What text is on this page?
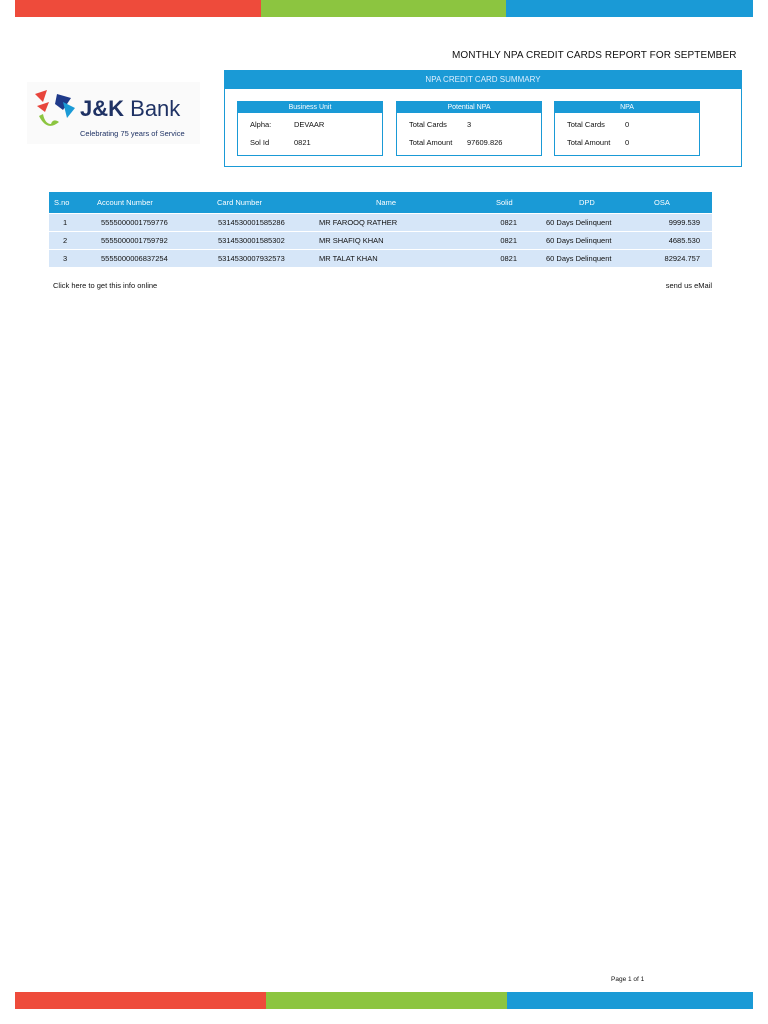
MONTHLY NPA CREDIT CARDS REPORT FOR SEPTEMBER
J&K Bank
Celebrating 75 years of Service
NPA CREDIT CARD SUMMARY
Business Unit
Alpha:	DEVAAR
Sol Id	0821
Potential NPA
Total Cards	3
Total Amount 97609.826
NPA
Total Cards	0
Total Amount 0
S.no	Account Number	Card Number	Name	Solid	DPD	OSA
1	5555000001759776	5314530001585286	MR FAROOQ RATHER	0821	60 Days Delinquent	9999.539
2	5555000001759792	5314530001585302	MR SHAFIQ KHAN	0821	60 Days Delinquent	4685.530
3	5555000006837254	5314530007932573	MR TALAT KHAN	0821	60 Days Delinquent	82924.757
Click here to get this info online	send us eMail
Page 1 of 1
